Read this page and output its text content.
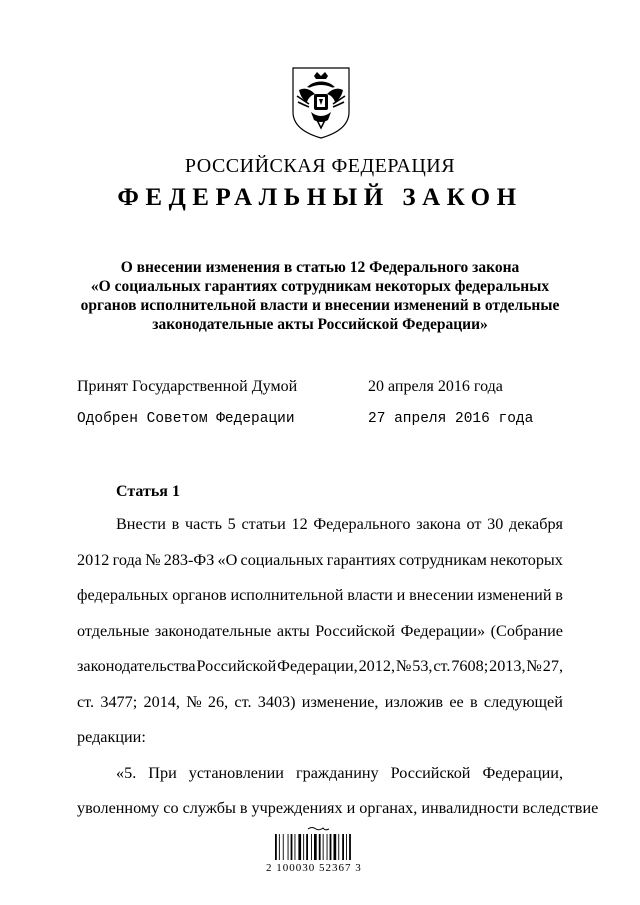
РОССИЙСКАЯ ФЕДЕРАЦИЯ
ФЕДЕРАЛЬНЫЙ ЗАКОН
О внесении изменения в статью 12 Федерального закона
«О социальных гарантиях сотрудникам некоторых федеральных
органов исполнительной власти и внесении изменений в отдельные
законодательные акты Российской Федерации»
Принят Государственной Думой	20 апреля 2016 года
Одобрен Советом Федерации	27 апреля 2016 года
Статья 1
Внести в часть 5 статьи 12 Федерального закона от 30 декабря
2012 года № 283-ФЗ «О социальных гарантиях сотрудникам некоторых
федеральных органов исполнительной власти и внесении изменений в
отдельные законодательные акты Российской Федерации» (Собрание
законодательства Российской Федерации, 2012, № 53, ст. 7608; 2013, № 27,
ст. 3477; 2014, № 26, ст. 3403) изменение, изложив ее в следующей
редакции:
«5. При установлении гражданину Российской Федерации,
уволенному со службы в учреждениях и органах, инвалидности вследствие
2 100030 52367 3
